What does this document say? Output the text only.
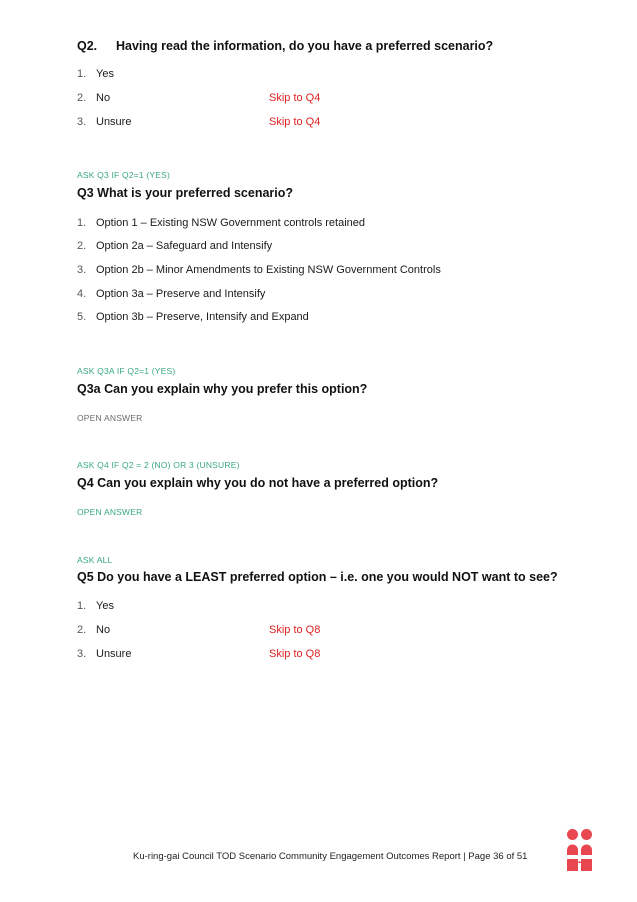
Q2. Having read the information, do you have a preferred scenario?
1. Yes
2. No	Skip to Q4
3. Unsure	Skip to Q4
ASK Q3 IF Q2=1 (YES)
Q3 What is your preferred scenario?
1. Option 1 – Existing NSW Government controls retained
2. Option 2a – Safeguard and Intensify
3. Option 2b – Minor Amendments to Existing NSW Government Controls
4. Option 3a – Preserve and Intensify
5. Option 3b – Preserve, Intensify and Expand
ASK Q3A IF Q2=1 (YES)
Q3a Can you explain why you prefer this option?
OPEN ANSWER
ASK Q4 IF Q2 = 2 (NO) OR 3 (UNSURE)
Q4 Can you explain why you do not have a preferred option?
OPEN ANSWER
ASK ALL
Q5 Do you have a LEAST preferred option – i.e. one you would NOT want to see?
1. Yes
2. No	Skip to Q8
3. Unsure	Skip to Q8
Ku-ring-gai Council TOD Scenario Community Engagement Outcomes Report | Page 36 of 51
